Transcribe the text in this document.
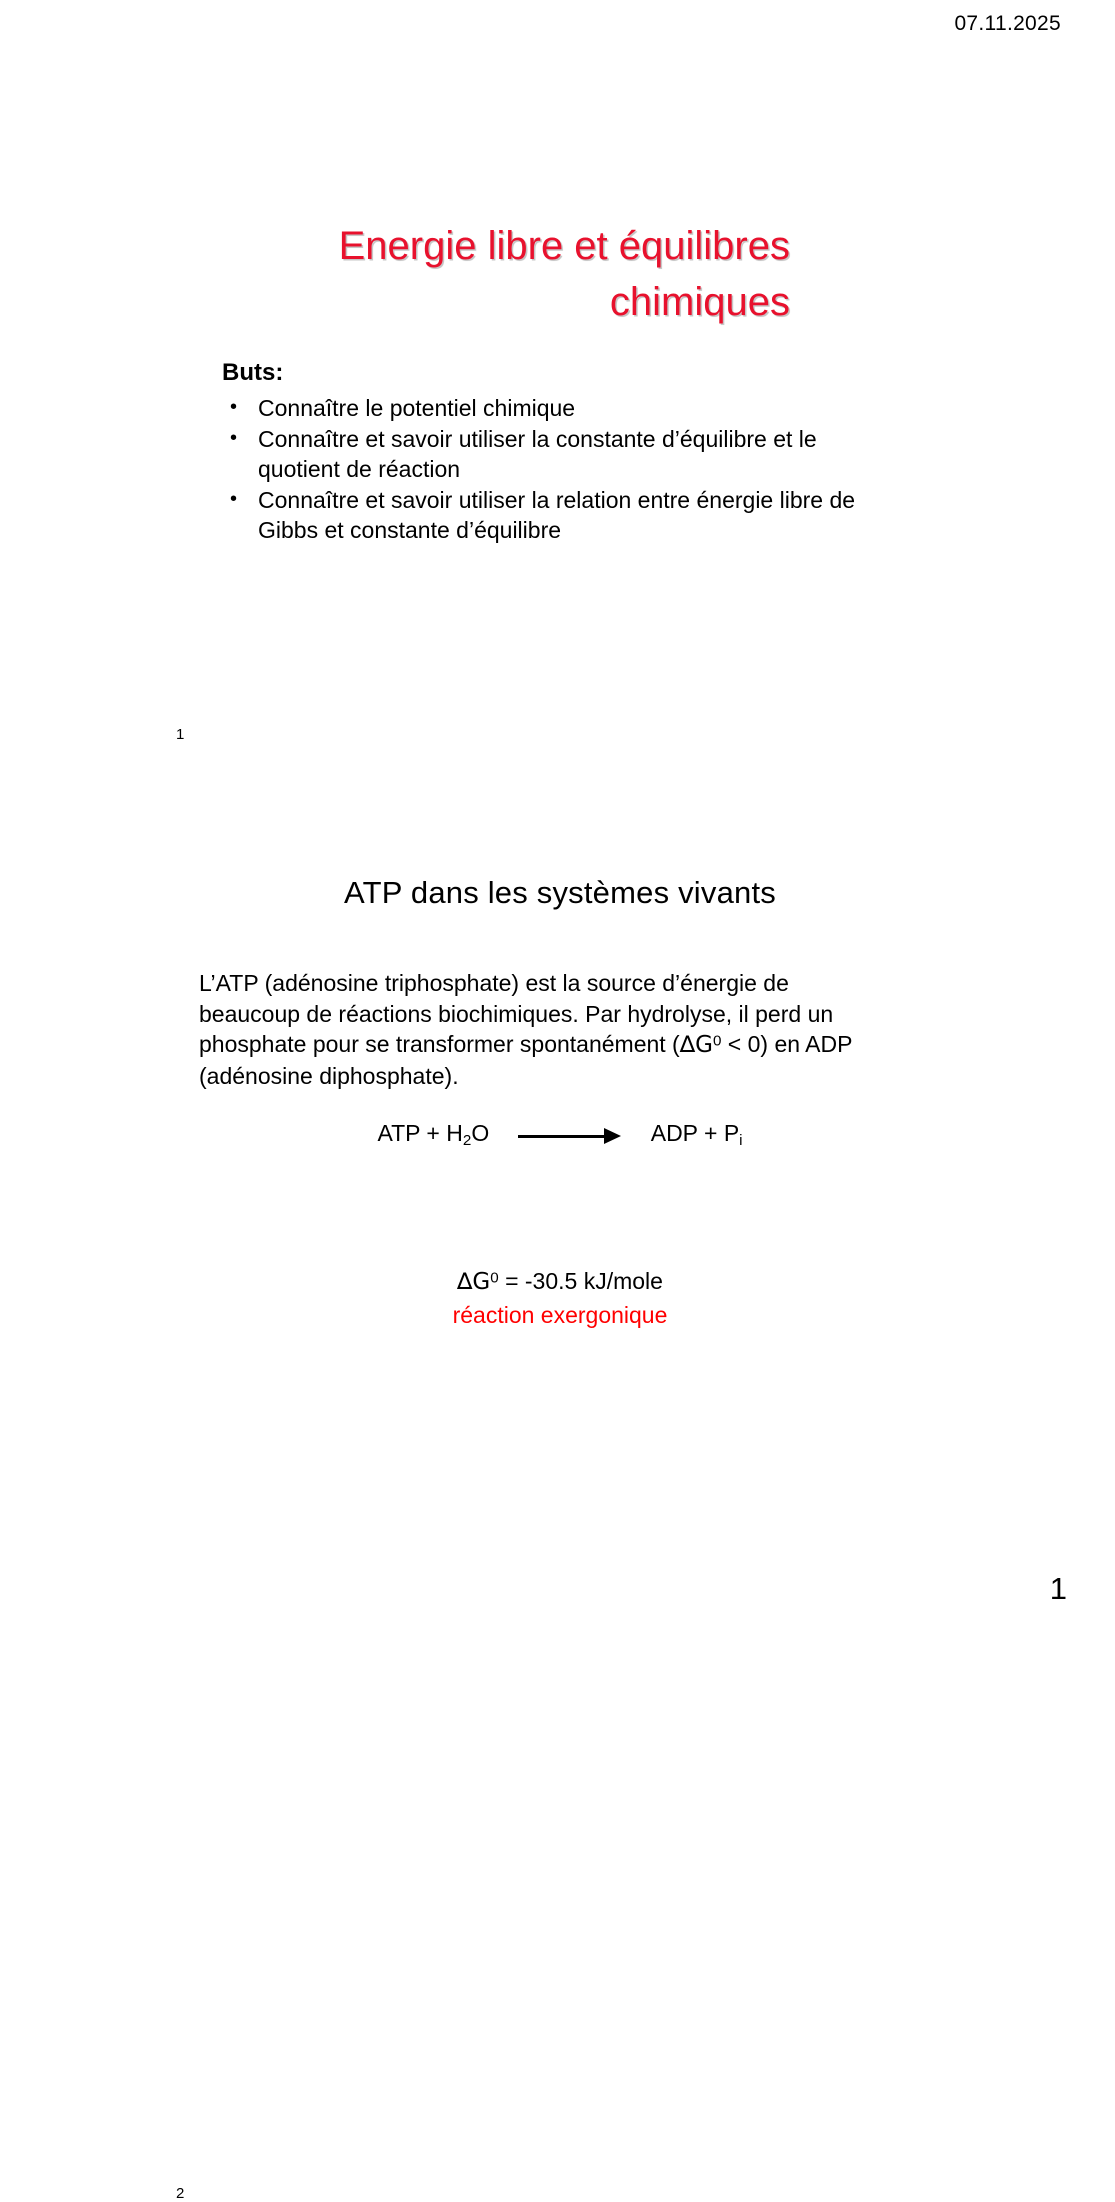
07.11.2025
Energie libre et équilibres
chimiques
Buts:
• Connaître le potentiel chimique
• Connaître et savoir utiliser la constante d’équilibre et le quotient de réaction
• Connaître et savoir utiliser la relation entre énergie libre de Gibbs et constante d’équilibre
1
ATP dans les systèmes vivants
L’ATP (adénosine triphosphate) est la source d’énergie de beaucoup de réactions biochimiques. Par hydrolyse, il perd un phosphate pour se transformer spontanément $(\Delta G^0 < 0)$ en ADP (adénosine diphosphate).
ATP + $H_2O$	ADP + $P_i$
$\Delta G^0 = -30.5$ kJ/mole
réaction exergonique
2
1
